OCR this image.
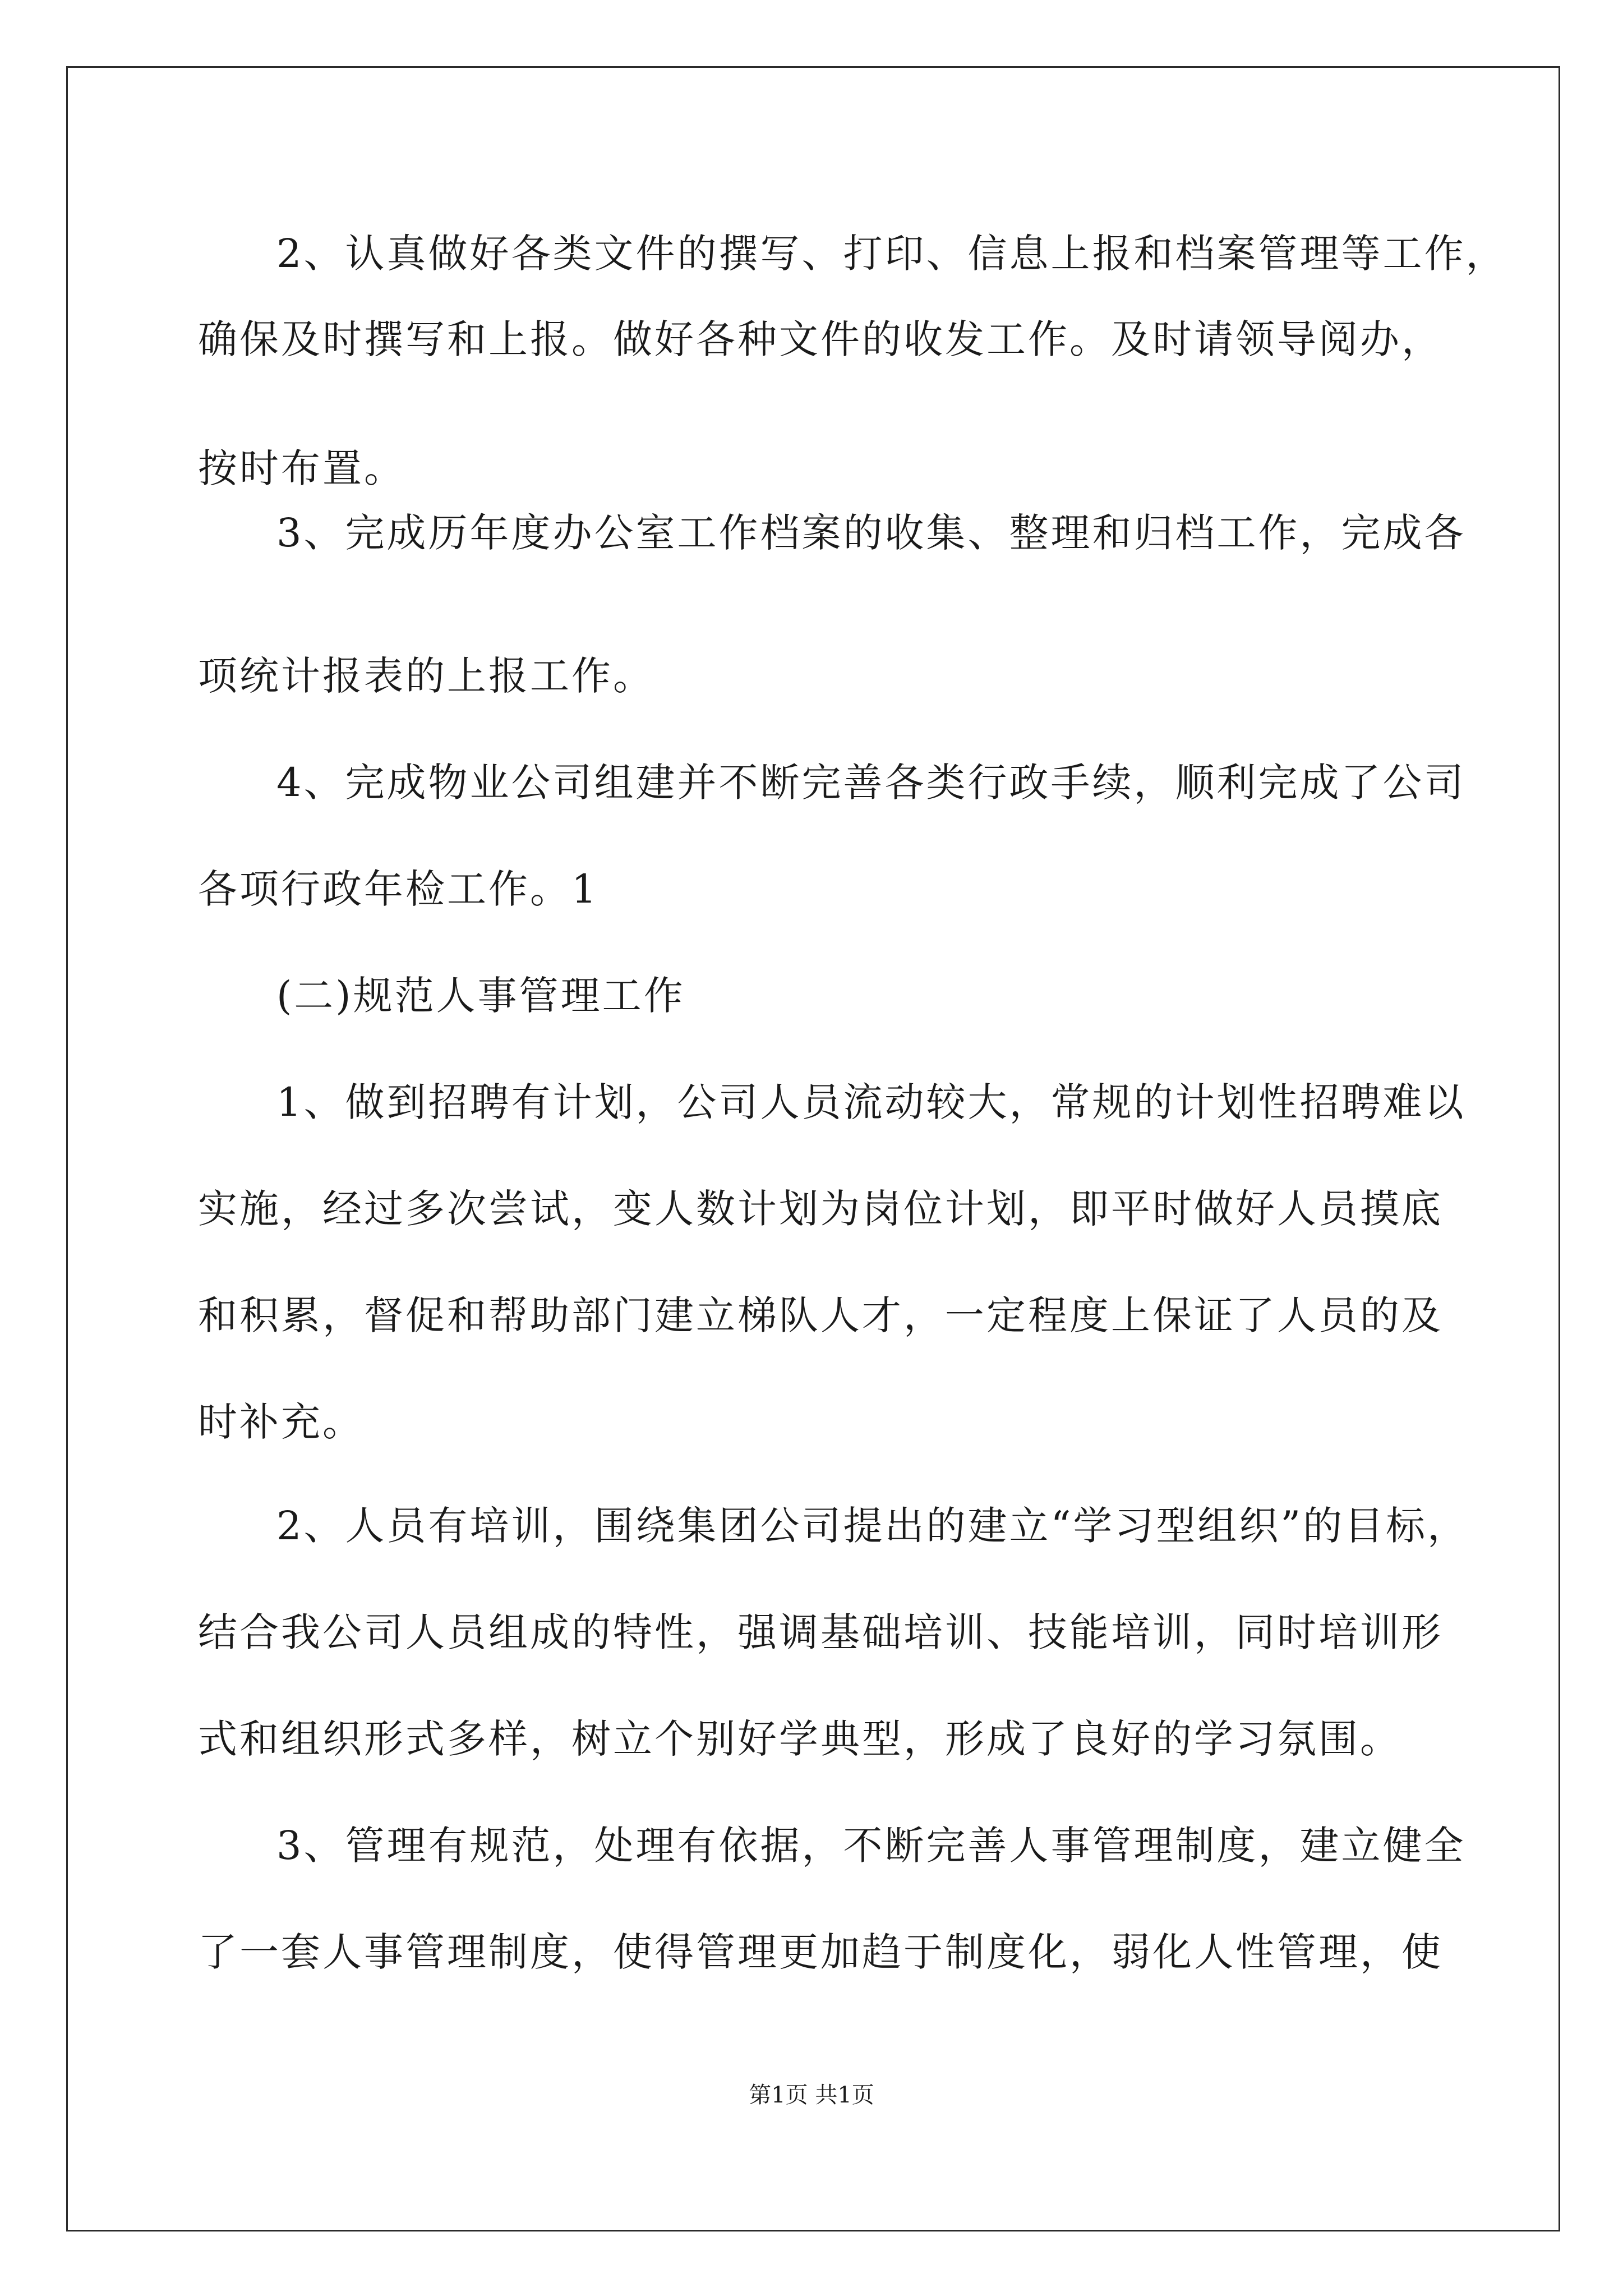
2、认真做好各类文件的撰写、打印、信息上报和档案管理等工作，
确保及时撰写和上报。做好各种文件的收发工作。及时请领导阅办，
按时布置。
3、完成历年度办公室工作档案的收集、整理和归档工作，完成各
项统计报表的上报工作。
4、完成物业公司组建并不断完善各类行政手续，顺利完成了公司
各项行政年检工作。1
(二)规范人事管理工作
1、做到招聘有计划，公司人员流动较大，常规的计划性招聘难以
实施，经过多次尝试，变人数计划为岗位计划，即平时做好人员摸底
和积累，督促和帮助部门建立梯队人才，一定程度上保证了人员的及
时补充。
2、人员有培训，围绕集团公司提出的建立“学习型组织”的目标，
结合我公司人员组成的特性，强调基础培训、技能培训，同时培训形
式和组织形式多样，树立个别好学典型，形成了良好的学习氛围。
3、管理有规范，处理有依据，不断完善人事管理制度，建立健全
了一套人事管理制度，使得管理更加趋于制度化，弱化人性管理，使
第1页 共1页
